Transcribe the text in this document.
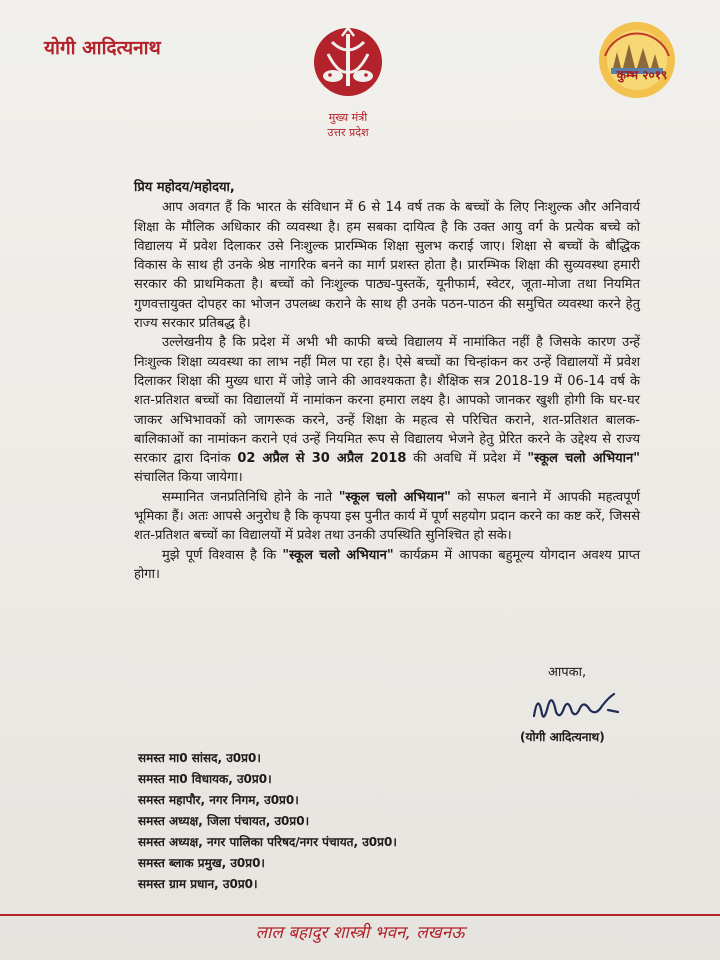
योगी आदित्यनाथ
मुख्य मंत्री
उत्तर प्रदेश
कुम्भ २०१९

प्रिय महोदय/महोदया,

आप अवगत हैं कि भारत के संविधान में 6 से 14 वर्ष तक के बच्चों के लिए निःशुल्क और अनिवार्य शिक्षा के मौलिक अधिकार की व्यवस्था है। हम सबका दायित्व है कि उक्त आयु वर्ग के प्रत्येक बच्चे को विद्यालय में प्रवेश दिलाकर उसे निःशुल्क प्रारम्भिक शिक्षा सुलभ कराई जाए। शिक्षा से बच्चों के बौद्धिक विकास के साथ ही उनके श्रेष्ठ नागरिक बनने का मार्ग प्रशस्त होता है। प्रारम्भिक शिक्षा की सुव्यवस्था हमारी सरकार की प्राथमिकता है। बच्चों को निःशुल्क पाठ्य-पुस्तकें, यूनीफार्म, स्वेटर, जूता-मोजा तथा नियमित गुणवत्तायुक्त दोपहर का भोजन उपलब्ध कराने के साथ ही उनके पठन-पाठन की समुचित व्यवस्था करने हेतु राज्य सरकार प्रतिबद्ध है।

उल्लेखनीय है कि प्रदेश में अभी भी काफी बच्चे विद्यालय में नामांकित नहीं है जिसके कारण उन्हें निःशुल्क शिक्षा व्यवस्था का लाभ नहीं मिल पा रहा है। ऐसे बच्चों का चिन्हांकन कर उन्हें विद्यालयों में प्रवेश दिलाकर शिक्षा की मुख्य धारा में जोड़े जाने की आवश्यकता है। शैक्षिक सत्र 2018-19 में 06-14 वर्ष के शत-प्रतिशत बच्चों का विद्यालयों में नामांकन करना हमारा लक्ष्य है। आपको जानकर खुशी होगी कि घर-घर जाकर अभिभावकों को जागरूक करने, उन्हें शिक्षा के महत्व से परिचित कराने, शत-प्रतिशत बालक-बालिकाओं का नामांकन कराने एवं उन्हें नियमित रूप से विद्यालय भेजने हेतु प्रेरित करने के उद्देश्य से राज्य सरकार द्वारा दिनांक 02 अप्रैल से 30 अप्रैल 2018 की अवधि में प्रदेश में "स्कूल चलो अभियान" संचालित किया जायेगा।

सम्मानित जनप्रतिनिधि होने के नाते "स्कूल चलो अभियान" को सफल बनाने में आपकी महत्वपूर्ण भूमिका हैं। अतः आपसे अनुरोध है कि कृपया इस पुनीत कार्य में पूर्ण सहयोग प्रदान करने का कष्ट करें, जिससे शत-प्रतिशत बच्चों का विद्यालयों में प्रवेश तथा उनकी उपस्थिति सुनिश्चित हो सके।

मुझे पूर्ण विश्वास है कि "स्कूल चलो अभियान" कार्यक्रम में आपका बहुमूल्य योगदान अवश्य प्राप्त होगा।

आपका,
(योगी आदित्यनाथ)
समस्त मा0 सांसद, उ0प्र0।
समस्त मा0 विधायक, उ0प्र0।
समस्त महापौर, नगर निगम, उ0प्र0।
समस्त अध्यक्ष, जिला पंचायत, उ0प्र0।
समस्त अध्यक्ष, नगर पालिका परिषद/नगर पंचायत, उ0प्र0।
समस्त ब्लाक प्रमुख, उ0प्र0।
समस्त ग्राम प्रधान, उ0प्र0।
लाल बहादुर शास्त्री भवन, लखनऊ
